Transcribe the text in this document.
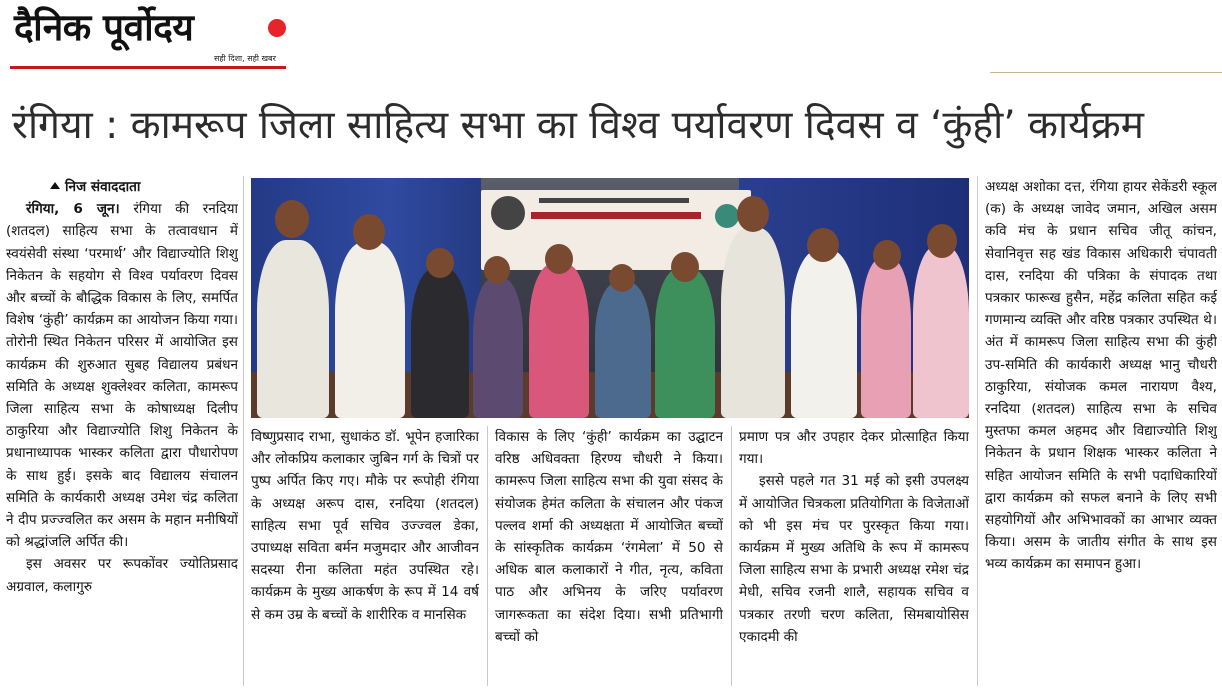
दैनिक पूर्वोदय
सही दिशा, सही खबर
रंगिया : कामरूप जिला साहित्य सभा का विश्व पर्यावरण दिवस व ‘कुंही’ कार्यक्रम

निज संवाददाता

रंगिया, 6 जून। रंगिया की रनदिया (शतदल) साहित्य सभा के तत्वावधान में स्वयंसेवी संस्था ‘परमार्थ’ और विद्याज्योति शिशु निकेतन के सहयोग से विश्व पर्यावरण दिवस और बच्चों के बौद्धिक विकास के लिए, समर्पित विशेष ‘कुंही’ कार्यक्रम का आयोजन किया गया। तोरोनी स्थित निकेतन परिसर में आयोजित इस कार्यक्रम की शुरुआत सुबह विद्यालय प्रबंधन समिति के अध्यक्ष शुक्लेश्वर कलिता, कामरूप जिला साहित्य सभा के कोषाध्यक्ष दिलीप ठाकुरिया और विद्याज्योति शिशु निकेतन के प्रधानाध्यापक भास्कर कलिता द्वारा पौधारोपण के साथ हुई। इसके बाद विद्यालय संचालन समिति के कार्यकारी अध्यक्ष उमेश चंद्र कलिता ने दीप प्रज्ज्वलित कर असम के महान मनीषियों को श्रद्धांजलि अर्पित की।

इस अवसर पर रूपकोंवर ज्योतिप्रसाद अग्रवाल, कलागुरु

विष्णुप्रसाद राभा, सुधाकंठ डॉ. भूपेन हजारिका और लोकप्रिय कलाकार जुबिन गर्ग के चित्रों पर पुष्प अर्पित किए गए। मौके पर रूपोही रंगिया के अध्यक्ष अरूप दास, रनदिया (शतदल) साहित्य सभा पूर्व सचिव उज्ज्वल डेका, उपाध्यक्ष सविता बर्मन मजुमदार और आजीवन सदस्या रीना कलिता महंत उपस्थित रहे। कार्यक्रम के मुख्य आकर्षण के रूप में 14 वर्ष से कम उम्र के बच्चों के शारीरिक व मानसिक

विकास के लिए ‘कुंही’ कार्यक्रम का उद्घाटन वरिष्ठ अधिवक्ता हिरण्य चौधरी ने किया। कामरूप जिला साहित्य सभा की युवा संसद के संयोजक हेमंत कलिता के संचालन और पंकज पल्लव शर्मा की अध्यक्षता में आयोजित बच्चों के सांस्कृतिक कार्यक्रम ‘रंगमेला’ में 50 से अधिक बाल कलाकारों ने गीत, नृत्य, कविता पाठ और अभिनय के जरिए पर्यावरण जागरूकता का संदेश दिया। सभी प्रतिभागी बच्चों को

प्रमाण पत्र और उपहार देकर प्रोत्साहित किया गया।

इससे पहले गत 31 मई को इसी उपलक्ष्य में आयोजित चित्रकला प्रतियोगिता के विजेताओं को भी इस मंच पर पुरस्कृत किया गया। कार्यक्रम में मुख्य अतिथि के रूप में कामरूप जिला साहित्य सभा के प्रभारी अध्यक्ष रमेश चंद्र मेधी, सचिव रजनी शालै, सहायक सचिव व पत्रकार तरणी चरण कलिता, सिमबायोसिस एकादमी की

अध्यक्ष अशोका दत्त, रंगिया हायर सेकेंडरी स्कूल (क) के अध्यक्ष जावेद जमान, अखिल असम कवि मंच के प्रधान सचिव जीतू कांचन, सेवानिवृत्त सह खंड विकास अधिकारी चंपावती दास, रनदिया की पत्रिका के संपादक तथा पत्रकार फारूख हुसैन, महेंद्र कलिता सहित कई गणमान्य व्यक्ति और वरिष्ठ पत्रकार उपस्थित थे। अंत में कामरूप जिला साहित्य सभा की कुंही उप-समिति की कार्यकारी अध्यक्ष भानु चौधरी ठाकुरिया, संयोजक कमल नारायण वैश्य, रनदिया (शतदल) साहित्य सभा के सचिव मुस्तफा कमल अहमद और विद्याज्योति शिशु निकेतन के प्रधान शिक्षक भास्कर कलिता ने सहित आयोजन समिति के सभी पदाधिकारियों द्वारा कार्यक्रम को सफल बनाने के लिए सभी सहयोगियों और अभिभावकों का आभार व्यक्त किया। असम के जातीय संगीत के साथ इस भव्य कार्यक्रम का समापन हुआ।
